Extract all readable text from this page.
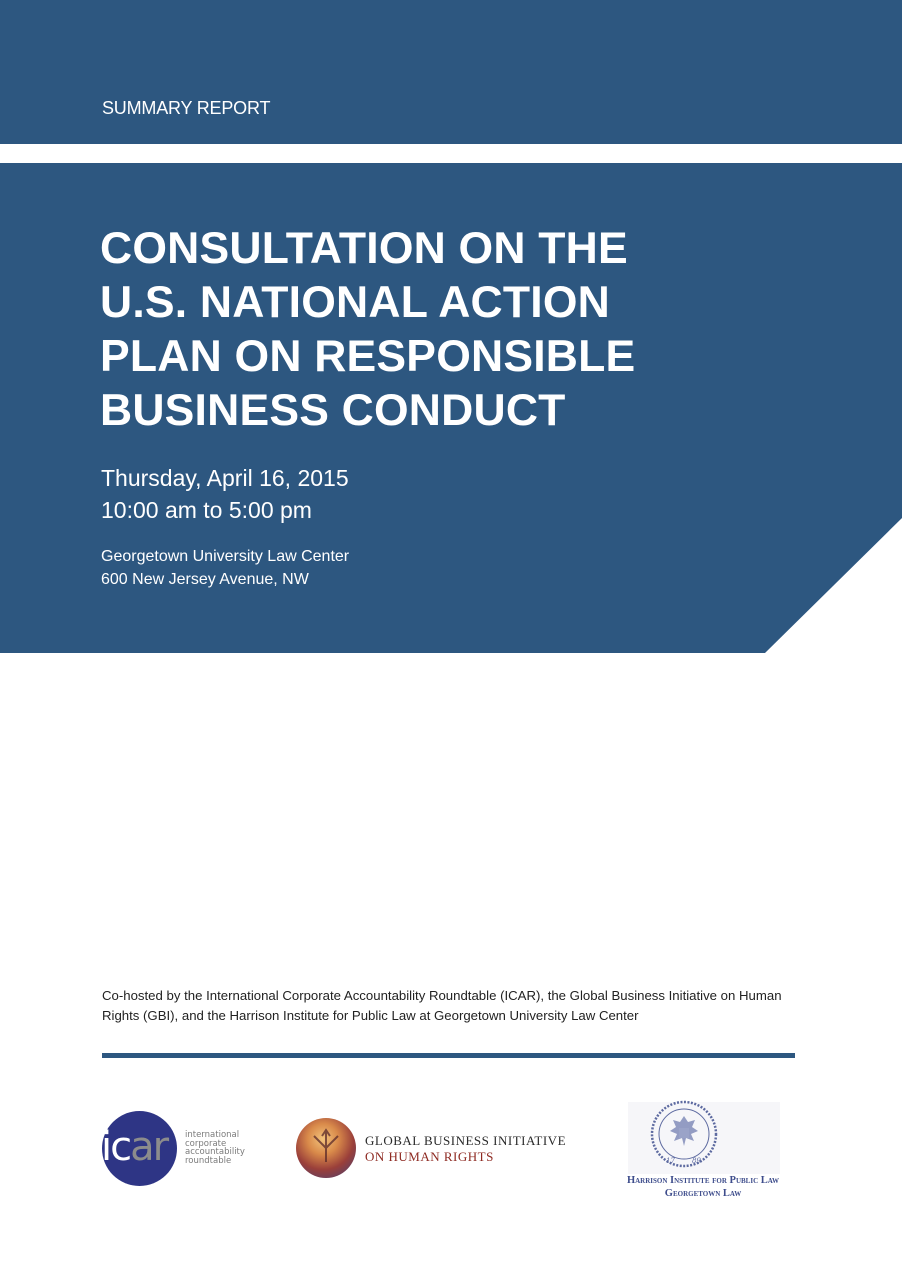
SUMMARY REPORT
CONSULTATION ON THE
U.S. NATIONAL ACTION
PLAN ON RESPONSIBLE
BUSINESS CONDUCT
Thursday, April 16, 2015
10:00 am to 5:00 pm
Georgetown University Law Center
600 New Jersey Avenue, NW

Co-hosted by the International Corporate Accountability Roundtable (ICAR), the Global Business Initiative on Human Rights (GBI), and the Harrison Institute for Public Law at Georgetown University Law Center

icar	international
corporate
accountability
roundtable
GLOBAL BUSINESS INITIATIVE
ON HUMAN RIGHTS	17 89
Harrison Institute for Public Law
Georgetown Law
